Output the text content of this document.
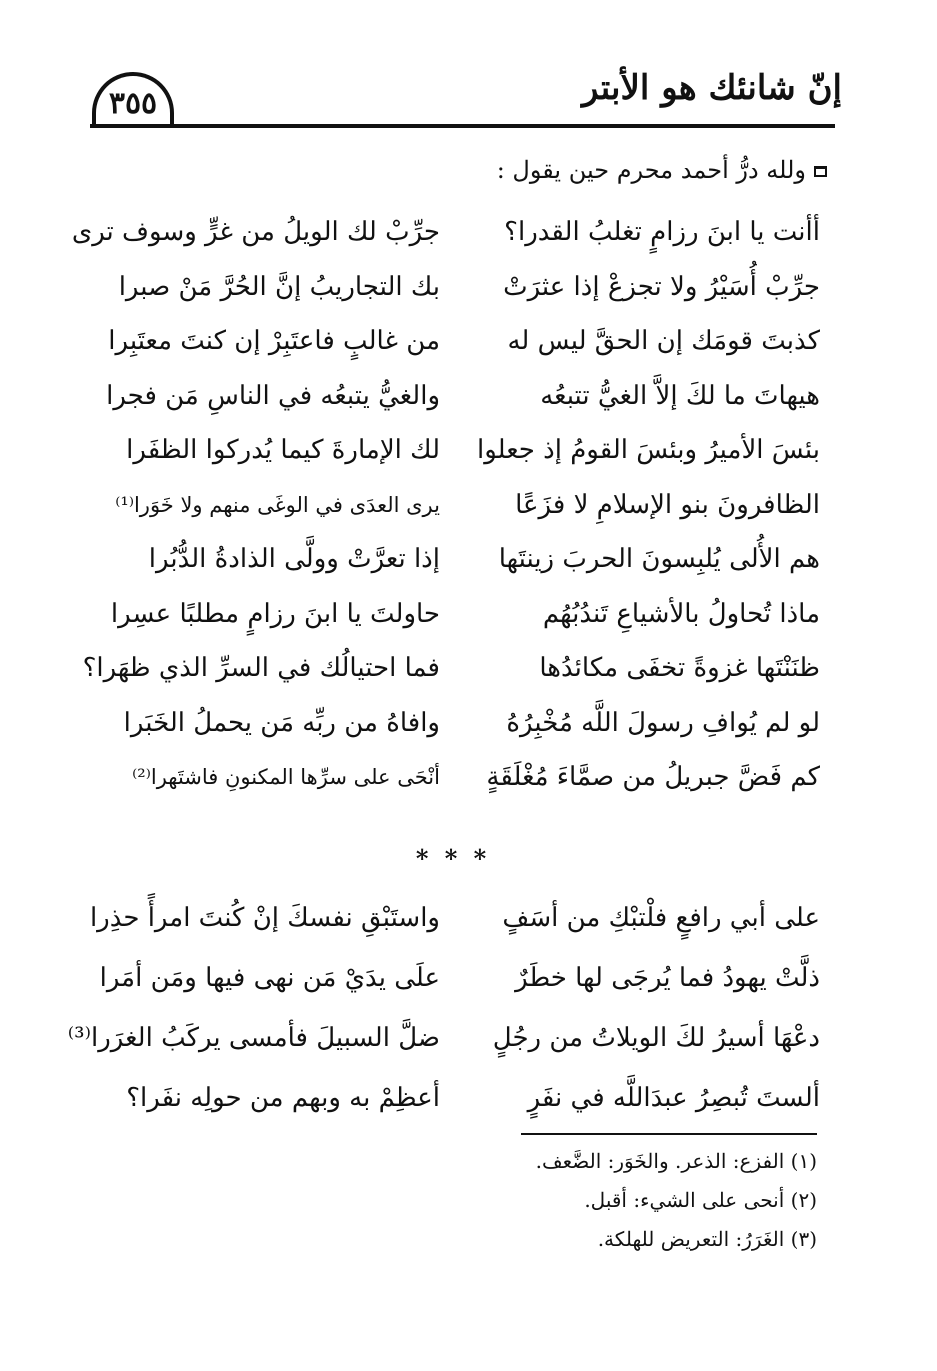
إنّ شانئك هو الأبتر
٣٥٥
ولله درُّ أحمد محرم حين يقول :
أأنت يا ابنَ رزامٍ تغلبُ القدرا؟
جرِّبْ لك الويلُ من غرٍّ وسوف ترى
جرِّبْ أُسَيْرُ ولا تجزعْ إذا عثرَتْ
بك التجاريبُ إنَّ الحُرَّ مَنْ صبرا
كذبتَ قومَك إن الحقَّ ليس له
من غالبٍ فاعتَبِرْ إن كنتَ معتَبِرا
هيهاتَ ما لكَ إلاَّ الغيُّ تتبعُه
والغيُّ يتبعُه في الناسِ مَن فجرا
بئسَ الأميرُ وبئسَ القومُ إذ جعلوا
لك الإمارةَ كيما يُدركوا الظفَرا
الظافرونَ بنو الإسلامِ لا فزَعًا
يرى العدَى في الوغَى منهم ولا خَوَرا⁽¹⁾
هم الأُلى يُلبِسونَ الحربَ زينتَها
إذا تعرَّتْ وولَّى الذادةُ الدُّبُرا
ماذا تُحاولُ بالأشياعِ تَندُبُهُم
حاولتَ يا ابنَ رزامٍ مطلبًا عسِرا
ظنَنْتَها غزوةً تخفَى مكائدُها
فما احتيالُك في السرِّ الذي ظهَرا؟
لو لم يُوافِ رسولَ اللَّه مُخْبِرُهُ
وافاهُ من ربِّه مَن يحملُ الخَبَرا
كم فَضَّ جبريلُ من صمَّاءَ مُغْلَقَةٍ
أنْحَى على سرِّها المكنونِ فاشتَهرا⁽²⁾
* * *
على أبي رافعٍ فلْتبْكِ من أسَفٍ
واستَبْقِ نفسكَ إنْ كُنتَ امرأً حذِرا
ذلَّتْ يهودُ فما يُرجَى لها خطَرٌ
علَى يدَيْ مَن نهى فيها ومَن أمَرا
دعْهَا أسيرُ لكَ الويلاتُ من رجُلٍ
ضلَّ السبيلَ فأمسى يركَبُ الغرَرا⁽³⁾
ألستَ تُبصِرُ عبدَاللَّه في نفَرٍ
أعظِمْ به وبهم من حولِه نفَرا؟
(١) الفزع: الذعر. والخَوَر: الضَّعف.
(٢) أنحى على الشيء: أقبل.
(٣) الغَرَرُ: التعريض للهلكة.
